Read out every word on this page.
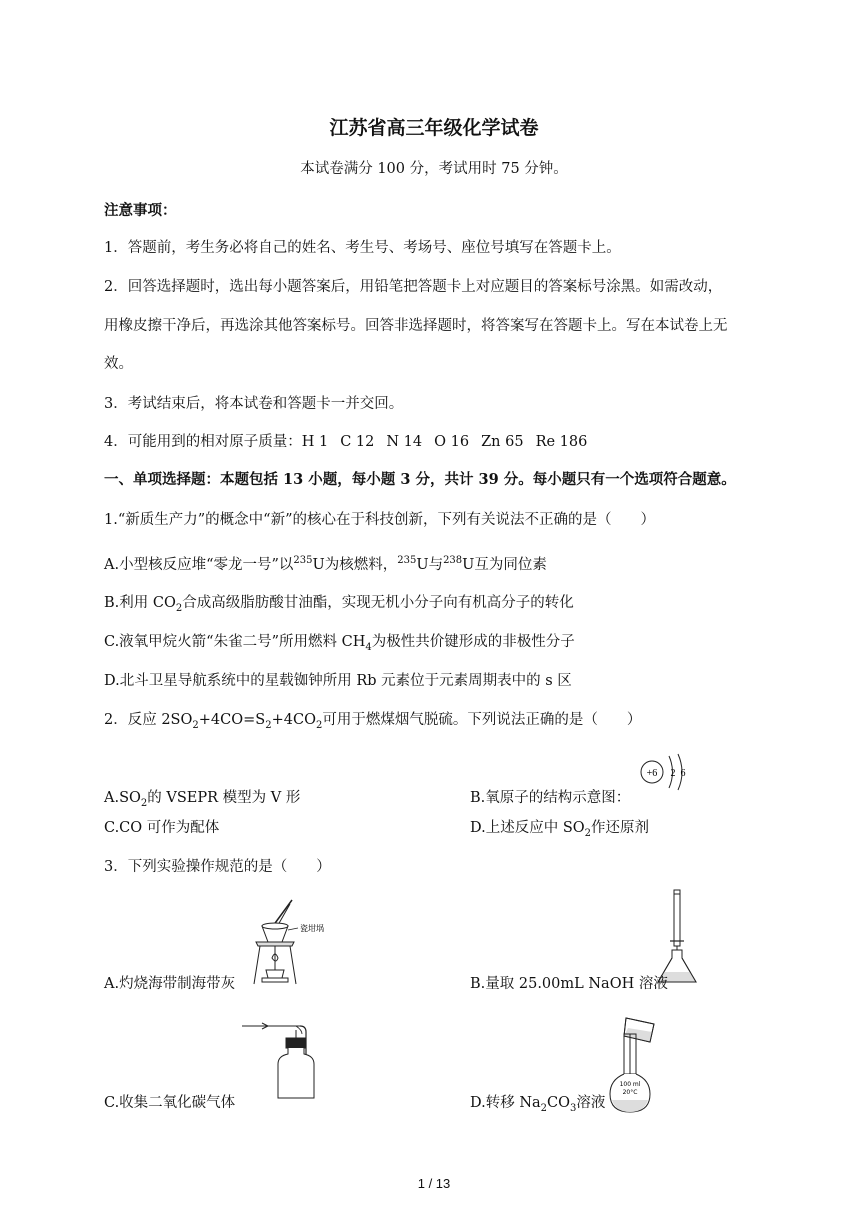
江苏省高三年级化学试卷
本试卷满分 100 分，考试用时 75 分钟。
注意事项：
1．答题前，考生务必将自己的姓名、考生号、考场号、座位号填写在答题卡上。
2．回答选择题时，选出每小题答案后，用铅笔把答题卡上对应题目的答案标号涂黑。如需改动，
用橡皮擦干净后，再选涂其他答案标号。回答非选择题时，将答案写在答题卡上。写在本试卷上无
效。
3．考试结束后，将本试卷和答题卡一并交回。
4．可能用到的相对原子质量：H 1 C 12 N 14 O 16 Zn 65 Re 186
一、单项选择题：本题包括 13 小题，每小题 3 分，共计 39 分。每小题只有一个选项符合题意。
1.“新质生产力”的概念中“新”的核心在于科技创新，下列有关说法不正确的是（　　）
A.小型核反应堆“零龙一号”以$^{235}$U为核燃料，$^{235}$U与$^{238}$U互为同位素
B.利用 $CO_2$合成高级脂肪酸甘油酯，实现无机小分子向有机高分子的转化
C.液氧甲烷火箭“朱雀二号”所用燃料 $CH_4$为极性共价键形成的非极性分子
D.北斗卫星导航系统中的星载铷钟所用 Rb 元素位于元素周期表中的 s 区
2．反应 $2SO_2+4CO=S_2+4CO_2$可用于燃煤烟气脱硫。下列说法正确的是（　　）
$A.SO_2$的 VSEPR 模型为 V 形	B.氧原子的结构示意图：
+6 2 6
C.CO 可作为配体	D.上述反应中 $SO_2$作还原剂
3．下列实验操作规范的是（　　）
瓷坩埚
A.灼烧海带制海带灰	B.量取 25.00mL NaOH 溶液
C.收集二氧化碳气体
100 ml
20°C
D.转移 $Na_2CO_3$溶液
1 / 13
